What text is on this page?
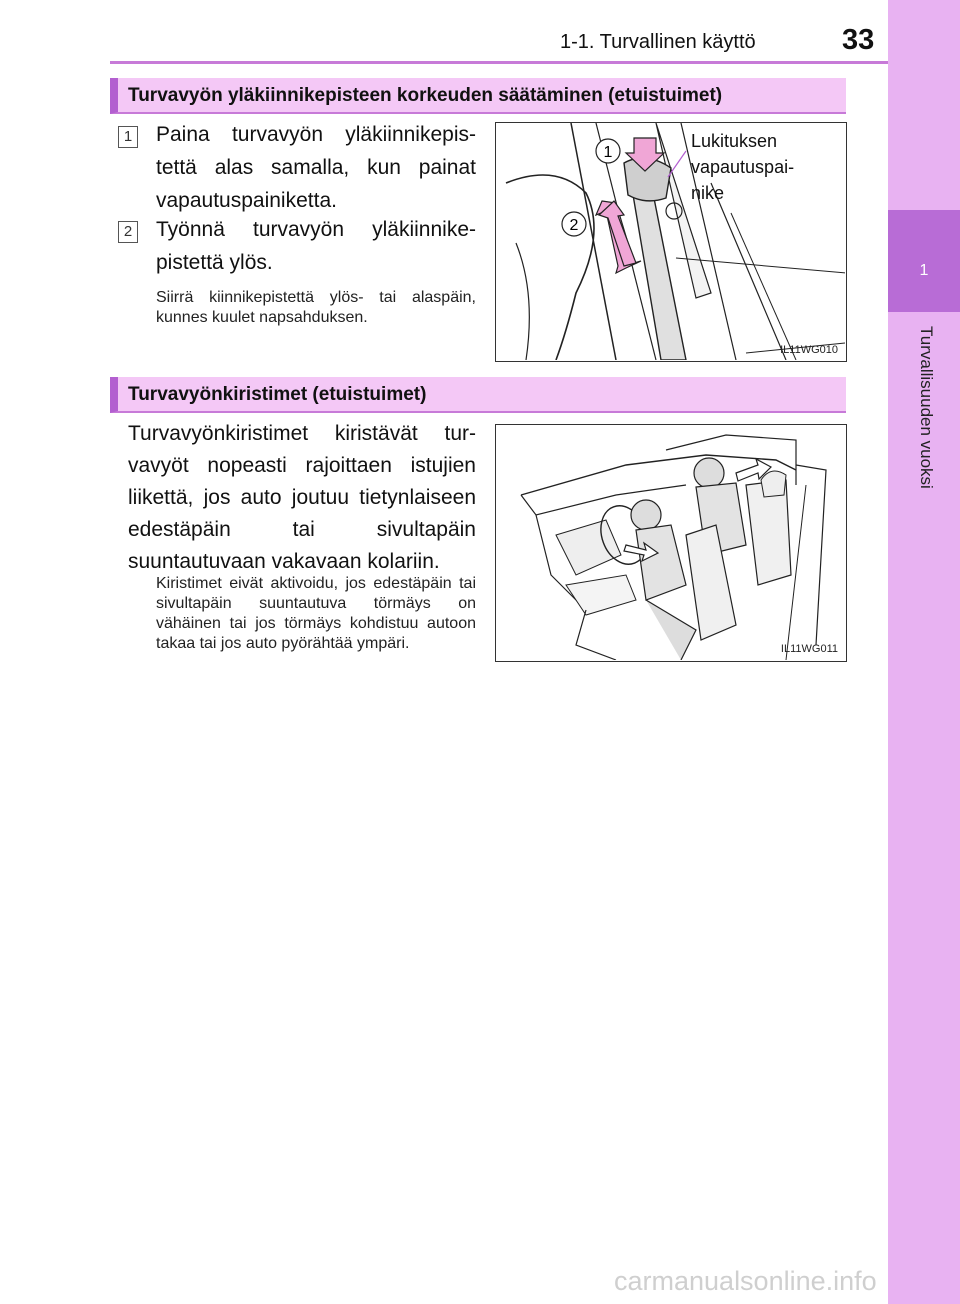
1-1. Turvallinen käyttö	33
1
Turvallisuuden vuoksi
Turvavyön yläkiinnikepisteen korkeuden säätäminen (etuistuimet)
1 Paina turvavyön yläkiinnikepistettä alas samalla, kun painat vapautuspainiketta.
2 Työnnä turvavyön yläkiinnikepistettä ylös.
Siirrä kiinnikepistettä ylös- tai alaspäin, kunnes kuulet napsahduksen.
1
2
Lukituksen
vapautuspai-
nike
IL11WG010
Turvavyönkiristimet (etuistuimet)
Turvavyönkiristimet kiristävät turvavyöt nopeasti rajoittaen istujien liikettä, jos auto joutuu tietynlaiseen edestäpäin tai sivultapäin suuntautuvaan vakavaan kolariin.
Kiristimet eivät aktivoidu, jos edestäpäin tai sivultapäin suuntautuva törmäys on vähäinen tai jos törmäys kohdistuu autoon takaa tai jos auto pyörähtää ympäri.	IL11WG011
carmanualsonline.info
